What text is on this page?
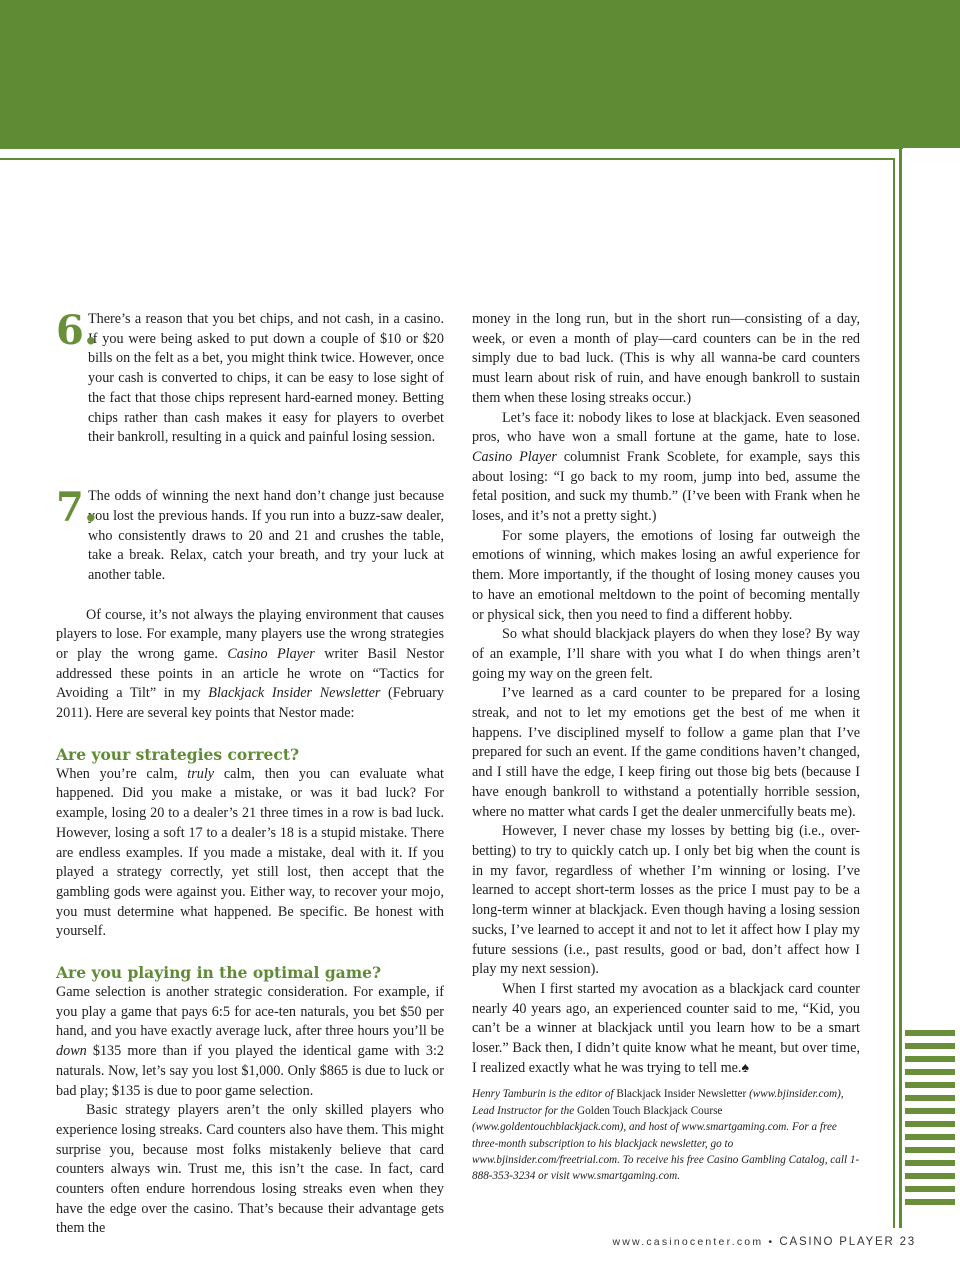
6.

There’s a reason that you bet chips, and not cash, in a casino. If you were being asked to put down a couple of $10 or $20 bills on the felt as a bet, you might think twice. However, once your cash is converted to chips, it can be easy to lose sight of the fact that those chips represent hard-earned money. Betting chips rather than cash makes it easy for players to overbet their bankroll, resulting in a quick and painful losing session.

7.

The odds of winning the next hand don’t change just because you lost the previous hands. If you run into a buzz-saw dealer, who consistently draws to 20 and 21 and crushes the table, take a break. Relax, catch your breath, and try your luck at another table.

Of course, it’s not always the playing environment that causes players to lose. For example, many players use the wrong strategies or play the wrong game. Casino Player writer Basil Nestor addressed these points in an article he wrote on “Tactics for Avoiding a Tilt” in my Blackjack Insider Newsletter (February 2011). Here are several key points that Nestor made:

Are your strategies correct?

When you’re calm, truly calm, then you can evaluate what happened. Did you make a mistake, or was it bad luck? For example, losing 20 to a dealer’s 21 three times in a row is bad luck. However, losing a soft 17 to a dealer’s 18 is a stupid mistake. There are endless examples. If you made a mistake, deal with it. If you played a strategy correctly, yet still lost, then accept that the gambling gods were against you. Either way, to recover your mojo, you must determine what happened. Be specific. Be honest with yourself.

Are you playing in the optimal game?

Game selection is another strategic consideration. For example, if you play a game that pays 6:5 for ace-ten naturals, you bet $50 per hand, and you have exactly average luck, after three hours you’ll be down $135 more than if you played the identical game with 3:2 naturals. Now, let’s say you lost $1,000. Only $865 is due to luck or bad play; $135 is due to poor game selection.

Basic strategy players aren’t the only skilled players who experience losing streaks. Card counters also have them. This might surprise you, because most folks mistakenly believe that card counters always win. Trust me, this isn’t the case. In fact, card counters often endure horrendous losing streaks even when they have the edge over the casino. That’s because their advantage gets them the

money in the long run, but in the short run—consisting of a day, week, or even a month of play—card counters can be in the red simply due to bad luck. (This is why all wanna-be card counters must learn about risk of ruin, and have enough bankroll to sustain them when these losing streaks occur.)

Let’s face it: nobody likes to lose at blackjack. Even seasoned pros, who have won a small fortune at the game, hate to lose. Casino Player columnist Frank Scoblete, for example, says this about losing: “I go back to my room, jump into bed, assume the fetal position, and suck my thumb.” (I’ve been with Frank when he loses, and it’s not a pretty sight.)

For some players, the emotions of losing far outweigh the emotions of winning, which makes losing an awful experience for them. More importantly, if the thought of losing money causes you to have an emotional meltdown to the point of becoming mentally or physical sick, then you need to find a different hobby.

So what should blackjack players do when they lose? By way of an example, I’ll share with you what I do when things aren’t going my way on the green felt.

I’ve learned as a card counter to be prepared for a losing streak, and not to let my emotions get the best of me when it happens. I’ve disciplined myself to follow a game plan that I’ve prepared for such an event. If the game conditions haven’t changed, and I still have the edge, I keep firing out those big bets (because I have enough bankroll to withstand a potentially horrible session, where no matter what cards I get the dealer unmercifully beats me).

However, I never chase my losses by betting big (i.e., over-betting) to try to quickly catch up. I only bet big when the count is in my favor, regardless of whether I’m winning or losing. I’ve learned to accept short-term losses as the price I must pay to be a long-term winner at blackjack. Even though having a losing session sucks, I’ve learned to accept it and not to let it affect how I play my future sessions (i.e., past results, good or bad, don’t affect how I play my next session).

When I first started my avocation as a blackjack card counter nearly 40 years ago, an experienced counter said to me, “Kid, you can’t be a winner at blackjack until you learn how to be a smart loser.” Back then, I didn’t quite know what he meant, but over time, I realized exactly what he was trying to tell me.♠

Henry Tamburin is the editor of Blackjack Insider Newsletter (www.bjinsider.com), Lead Instructor for the Golden Touch Blackjack Course (www.goldentouchblackjack.com), and host of www.smartgaming.com. For a free three-month subscription to his blackjack newsletter, go to www.bjinsider.com/freetrial.com. To receive his free Casino Gambling Catalog, call 1-888-353-3234 or visit www.smartgaming.com.

www.casinocenter.com • CASINO PLAYER 23
